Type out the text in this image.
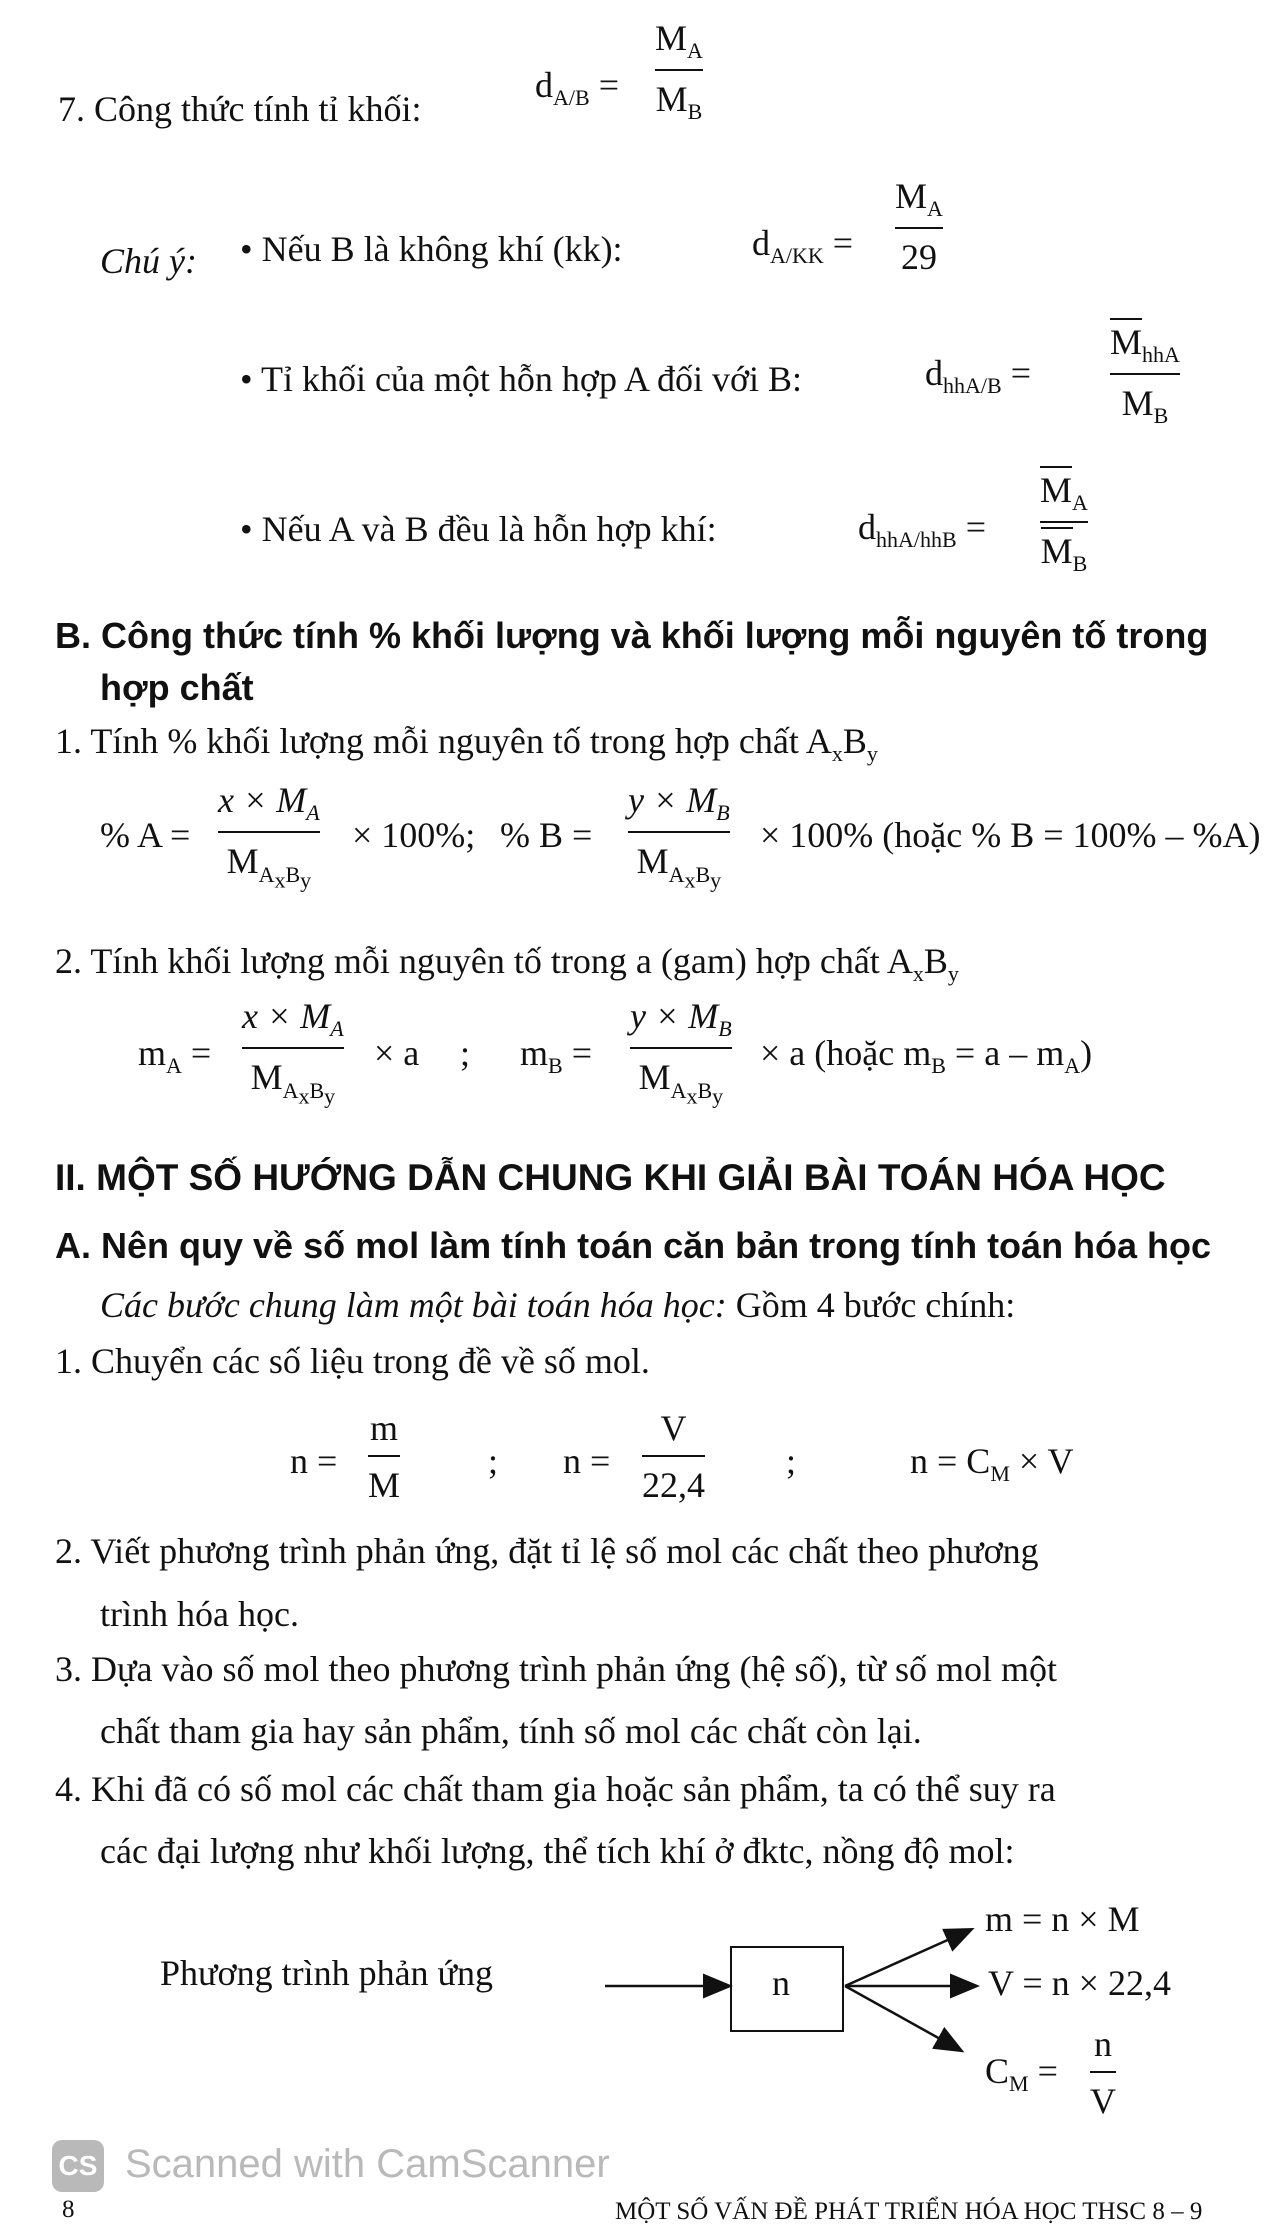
7. Công thức tính tỉ khối:
$d_{A/B}$ =
$M_A$
$M_B$
Chú ý: • Nếu B là không khí (kk):	$d_{A/KK}$ =
$M_A$
29
• Tỉ khối của một hỗn hợp A đối với B:	$d_{hhA/B}$ =
$M_{hhA}$
$M_B$
• Nếu A và B đều là hỗn hợp khí:	$d_{hhA/hhB}$ =
$M_A$
$M_B$
B. Công thức tính % khối lượng và khối lượng mỗi nguyên tố trong
hợp chất
1. Tính % khối lượng mỗi nguyên tố trong hợp chất $A_xB_y$
% A =
$x \times M_A$
$M_{A_xB_y}$
× 100%; % B =
$y \times M_B$
$M_{A_xB_y}$
× 100% (hoặc % B = 100% – %A)
2. Tính khối lượng mỗi nguyên tố trong a (gam) hợp chất $A_xB_y$
$m_A$ =
$x \times M_A$
$M_{A_xB_y}$
× a ; $m_B$ =
$y \times M_B$
$M_{A_xB_y}$
× a (hoặc $m_B = a - m_A$)
II. MỘT SỐ HƯỚNG DẪN CHUNG KHI GIẢI BÀI TOÁN HÓA HỌC
A. Nên quy về số mol làm tính toán căn bản trong tính toán hóa học
Các bước chung làm một bài toán hóa học: Gồm 4 bước chính:
1. Chuyển các số liệu trong đề về số mol.
n =
m
M
; n =
V
22,4
;	$n = C_M \times V$
2. Viết phương trình phản ứng, đặt tỉ lệ số mol các chất theo phương
trình hóa học.
3. Dựa vào số mol theo phương trình phản ứng (hệ số), từ số mol một
chất tham gia hay sản phẩm, tính số mol các chất còn lại.
4. Khi đã có số mol các chất tham gia hoặc sản phẩm, ta có thể suy ra
các đại lượng như khối lượng, thể tích khí ở đktc, nồng độ mol:
Phương trình phản ứng	n
m = n × M
V = n × 22,4
$C_M$ =
n
V
CS
8
Scanned with CamScanner
MỘT SỐ VẤN ĐỀ PHÁT TRIỂN HÓA HỌC THSC 8 – 9
